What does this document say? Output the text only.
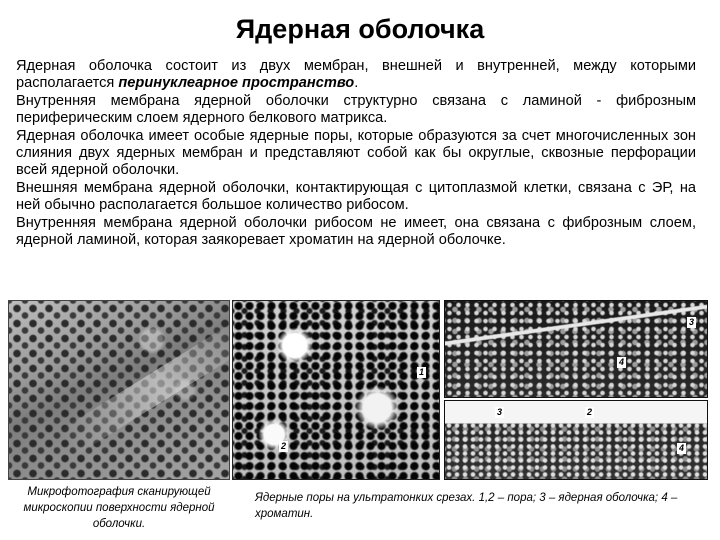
Ядерная оболочка

Ядерная оболочка состоит из двух мембран, внешней и внутренней, между которыми располагается перинуклеарное пространство.

Внутренняя мембрана ядерной оболочки структурно связана с ламиной - фиброзным периферическим слоем ядерного белкового матрикса.

Ядерная оболочка имеет особые ядерные поры, которые образуются за счет многочисленных зон слияния двух ядерных мембран и представляют собой как бы округлые, сквозные перфорации всей ядерной оболочки.

Внешняя мембрана ядерной оболочки, контактирующая с цитоплазмой клетки, связана с ЭР, на ней обычно располагается большое количество рибосом.

Внутренняя мембрана ядерной оболочки рибосом не имеет, она связана с фиброзным слоем, ядерной ламиной, которая заякоревает хроматин на ядерной оболочке.

1
2
3
4
3	2
4
Микрофотография сканирующей микроскопии поверхности ядерной оболочки.
Ядерные поры на ультратонких срезах. 1,2 – пора; 3 – ядерная оболочка; 4 – хроматин.
